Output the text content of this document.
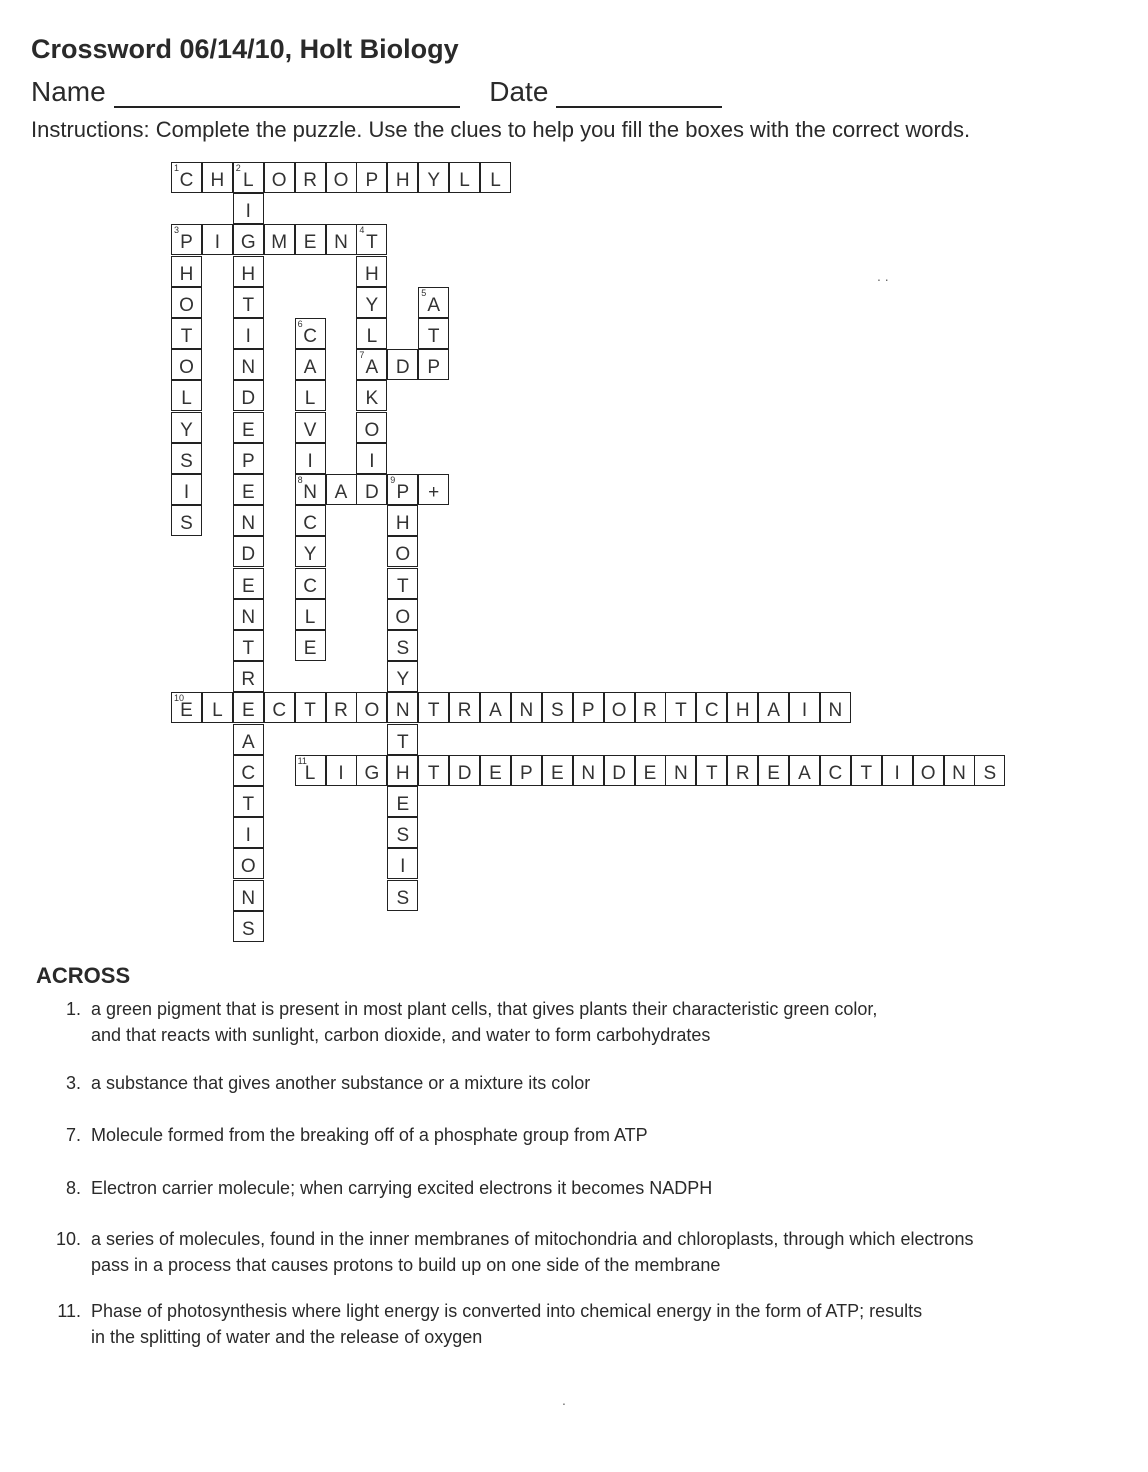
Crossword 06/14/10, Holt Biology
Name	Date
Instructions: Complete the puzzle. Use the clues to help you fill the boxes with the correct words.
1
C H
2
L O R O P H Y	L	L
I
G
H
T
I
N
D
E
P
E
N
D
E
N
T
R
E
A
C
T
I
O
N
S
3
P	I	M E N
4
T
H
O
T
O
L
Y
S
I
S
H
Y
L
7
A
K
O
I
D
5
A
T
P
6
C
A
L
V
I
8
N
C
Y
C
L
E
D
A
9
P +
H
O
T
O
S
Y
N
T
H
E
S
I
S
10
E	L	C T R O	T R A N S P O R T C H A	I	N
11
L	I	G	T D E P E N D E N T R E A C T	I	O N S
. .
.
ACROSS
1. a green pigment that is present in most plant cells, that gives plants their characteristic green color,
and that reacts with sunlight, carbon dioxide, and water to form carbohydrates
3. a substance that gives another substance or a mixture its color
7. Molecule formed from the breaking off of a phosphate group from ATP
8. Electron carrier molecule; when carrying excited electrons it becomes NADPH
10. a series of molecules, found in the inner membranes of mitochondria and chloroplasts, through which electrons
pass in a process that causes protons to build up on one side of the membrane
11. Phase of photosynthesis where light energy is converted into chemical energy in the form of ATP; results
in the splitting of water and the release of oxygen
